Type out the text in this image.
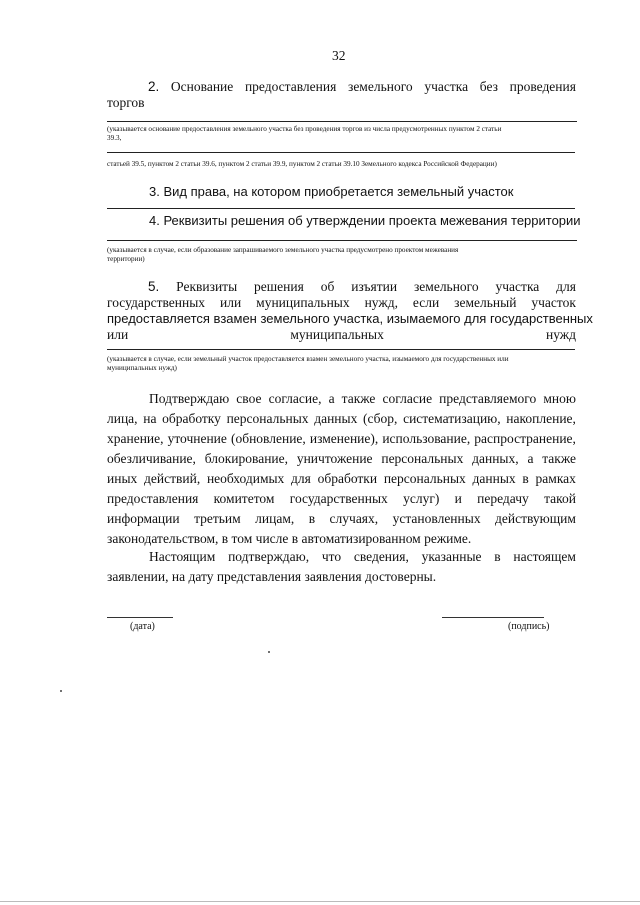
32
2. Основание предоставления земельного участка без проведения
торгов
(указывается основание предоставления земельного участка без проведения торгов из числа предусмотренных пунктом 2 статьи
39.3,
статьей 39.5, пунктом 2 статьи 39.6, пунктом 2 статьи 39.9, пунктом 2 статьи 39.10 Земельного кодекса Российской Федерации)
3. Вид права, на котором приобретается земельный участок
4. Реквизиты решения об утверждении проекта межевания территории
(указывается в случае, если образование запрашиваемого земельного участка предусмотрено проектом межевания
территории)
5. Реквизиты решения об изъятии земельного участка для
государственных или муниципальных нужд, если земельный участок
предоставляется взамен земельного участка, изымаемого для государственных
или	муниципальных	нужд
(указывается в случае, если земельный участок предоставляется взамен земельного участка, изымаемого для государственных или
муниципальных нужд)
Подтверждаю свое согласие, а также согласие представляемого мною
лица, на обработку персональных данных (сбор, систематизацию, накопление,
хранение, уточнение (обновление, изменение), использование, распространение,
обезличивание, блокирование, уничтожение персональных данных, а также
иных действий, необходимых для обработки персональных данных в рамках
предоставления комитетом государственных услуг) и передачу такой
информации третьим лицам, в случаях, установленных действующим
законодательством, в том числе в автоматизированном режиме.
Настоящим подтверждаю, что сведения, указанные в настоящем
заявлении, на дату представления заявления достоверны.
(дата)	(подпись)
